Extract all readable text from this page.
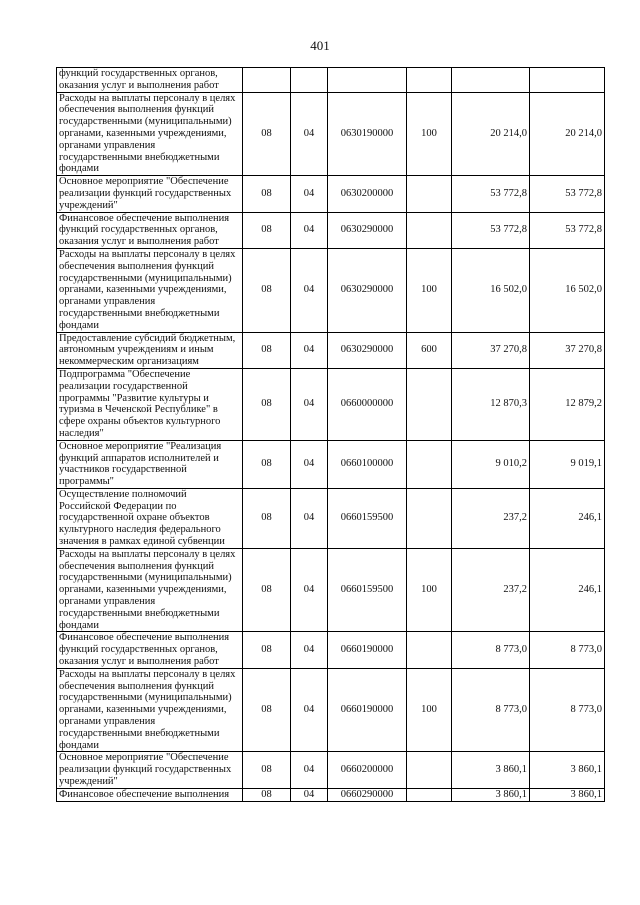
401
функций государственных органов, оказания услуг и выполнения работ						
Расходы на выплаты персоналу в целях обеспечения выполнения функций государственными (муниципальными) органами, казенными учреждениями, органами управления государственными внебюджетными фондами	08	04	0630190000	100	20 214,0	20 214,0
Основное мероприятие "Обеспечение реализации функций государственных учреждений"	08	04	0630200000		53 772,8	53 772,8
Финансовое обеспечение выполнения функций государственных органов, оказания услуг и выполнения работ	08	04	0630290000		53 772,8	53 772,8
Расходы на выплаты персоналу в целях обеспечения выполнения функций государственными (муниципальными) органами, казенными учреждениями, органами управления государственными внебюджетными фондами	08	04	0630290000	100	16 502,0	16 502,0
Предоставление субсидий бюджетным, автономным учреждениям и иным некоммерческим организациям	08	04	0630290000	600	37 270,8	37 270,8
Подпрограмма "Обеспечение реализации государственной программы "Развитие культуры и туризма в Чеченской Республике" в сфере охраны объектов культурного наследия"	08	04	0660000000		12 870,3	12 879,2
Основное мероприятие "Реализация функций аппаратов исполнителей и участников государственной программы"	08	04	0660100000		9 010,2	9 019,1
Осуществление полномочий Российской Федерации по государственной охране объектов культурного наследия федерального значения в рамках единой субвенции	08	04	0660159500		237,2	246,1
Расходы на выплаты персоналу в целях обеспечения выполнения функций государственными (муниципальными) органами, казенными учреждениями, органами управления государственными внебюджетными фондами	08	04	0660159500	100	237,2	246,1
Финансовое обеспечение выполнения функций государственных органов, оказания услуг и выполнения работ	08	04	0660190000		8 773,0	8 773,0
Расходы на выплаты персоналу в целях обеспечения выполнения функций государственными (муниципальными) органами, казенными учреждениями, органами управления государственными внебюджетными фондами	08	04	0660190000	100	8 773,0	8 773,0
Основное мероприятие "Обеспечение реализации функций государственных учреждений"	08	04	0660200000		3 860,1	3 860,1
Финансовое обеспечение выполнения	08	04	0660290000		3 860,1	3 860,1
